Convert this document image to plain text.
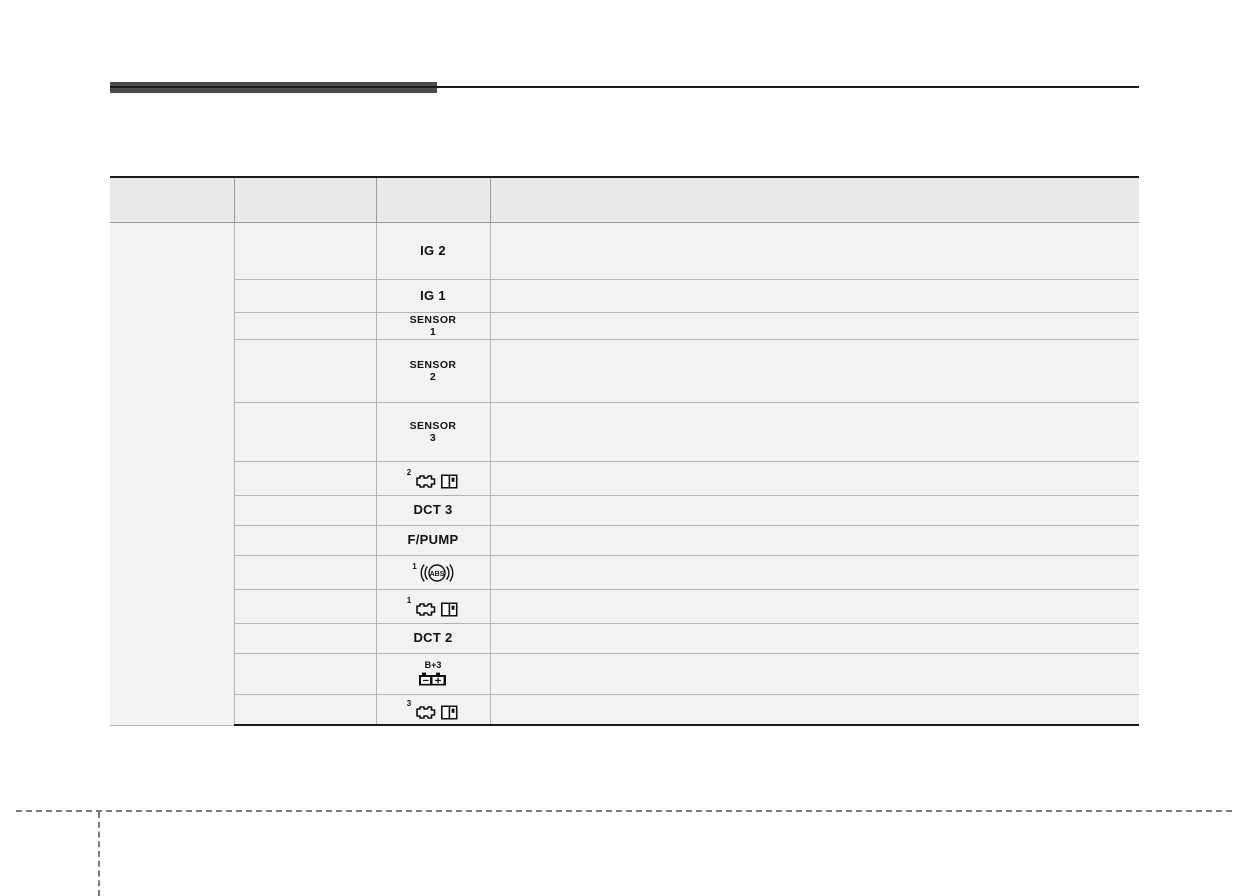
		IG 2	

		IG 1	

		SENSOR
1	

		SENSOR
2	

		SENSOR
3	

		2	

		DCT 3	

		F/PUMP	

		1
ABS	

		1	

		DCT 2	

		B+3	

		3	
